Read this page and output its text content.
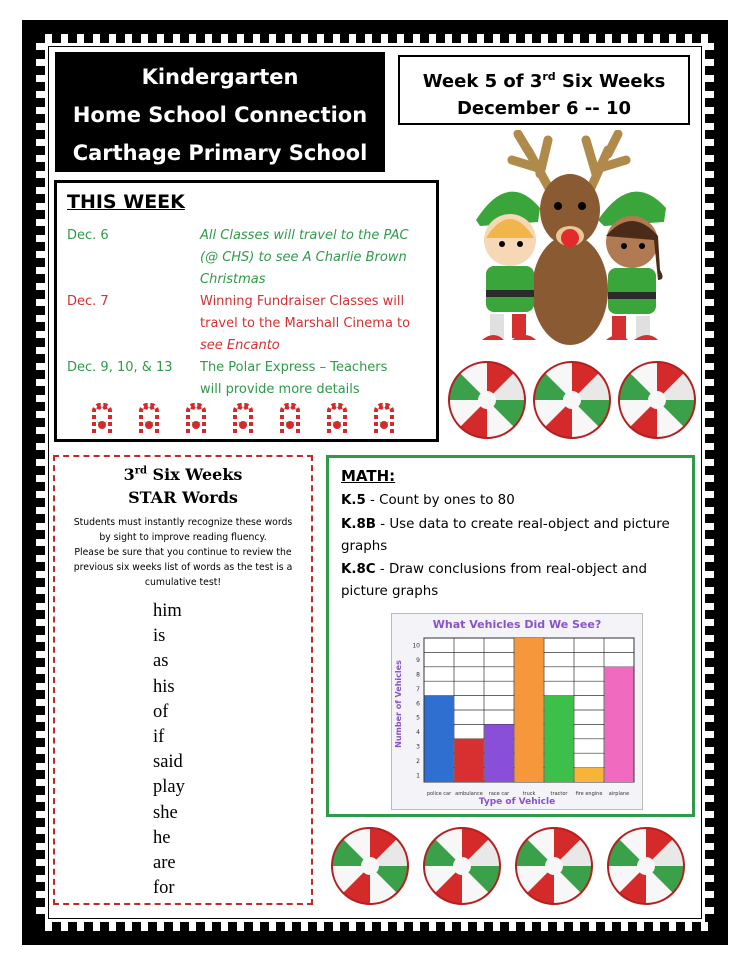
Kindergarten
Home School Connection
Carthage Primary School
Week 5 of 3rd Six Weeks
December 6 -- 10
THIS WEEK
Dec. 6	All Classes will travel to the PAC
(@ CHS) to see A Charlie Brown
Christmas
Dec. 7	Winning Fundraiser Classes will
travel to the Marshall Cinema to
see Encanto
Dec. 9, 10, & 13 The Polar Express – Teachers
will provide more details
3rd Six Weeks
STAR Words
Students must instantly recognize these words
by sight to improve reading fluency.
Please be sure that you continue to review the
previous six weeks list of words as the test is a
cumulative test!
him
is
as
his
of
if
said
play
she
he
are
for
MATH:
K.5 - Count by ones to 80
K.8B - Use data to create real-object and picture
graphs
K.8C - Draw conclusions from real-object and
picture graphs
What Vehicles Did We See?
Number of Vehicles
Type of Vehicle
1
2
3
4
5
6
7
8
9
10
police car ambulance race car	truck	tractor fire engine airplane
